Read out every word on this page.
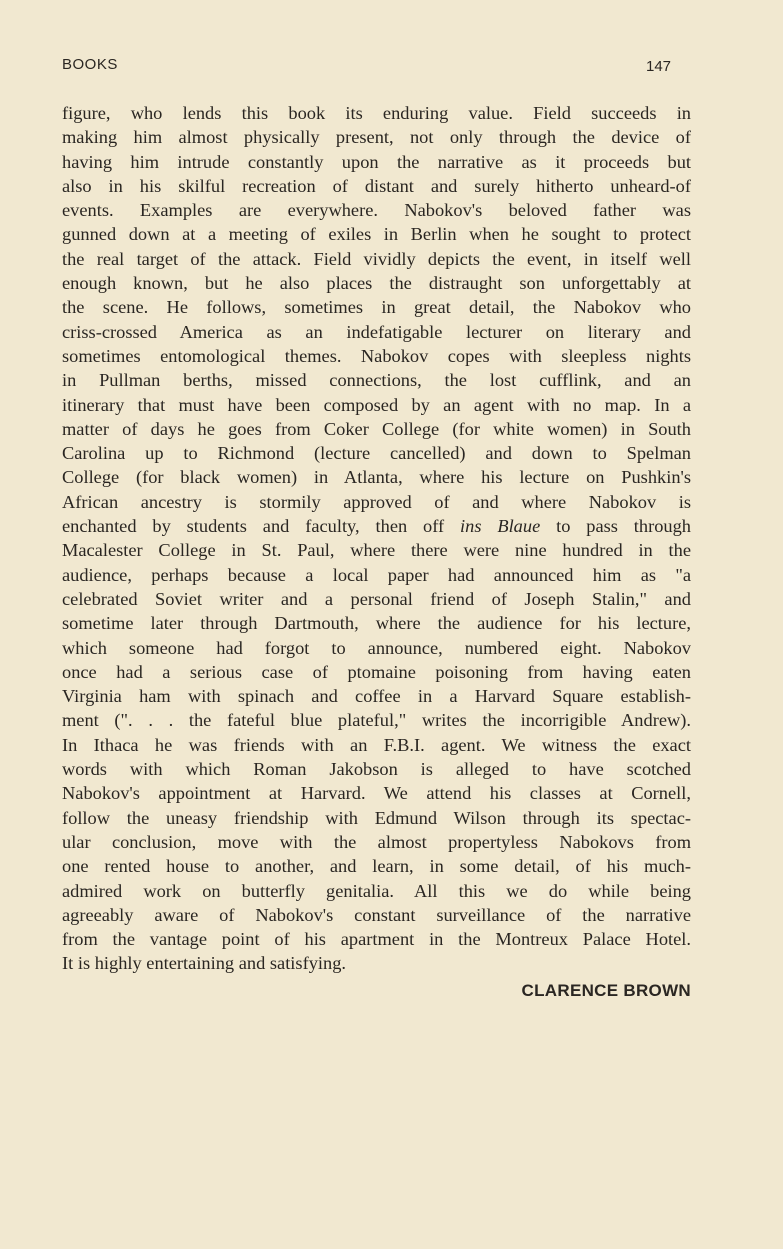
BOOKS	147
figure, who lends this book its enduring value. Field succeeds in
making him almost physically present, not only through the device of
having him intrude constantly upon the narrative as it proceeds but
also in his skilful recreation of distant and surely hitherto unheard-of
events. Examples are everywhere. Nabokov's beloved father was
gunned down at a meeting of exiles in Berlin when he sought to protect
the real target of the attack. Field vividly depicts the event, in itself well
enough known, but he also places the distraught son unforgettably at
the scene. He follows, sometimes in great detail, the Nabokov who
criss-crossed America as an indefatigable lecturer on literary and
sometimes entomological themes. Nabokov copes with sleepless nights
in Pullman berths, missed connections, the lost cufflink, and an
itinerary that must have been composed by an agent with no map. In a
matter of days he goes from Coker College (for white women) in South
Carolina up to Richmond (lecture cancelled) and down to Spelman
College (for black women) in Atlanta, where his lecture on Pushkin's
African ancestry is stormily approved of and where Nabokov is
enchanted by students and faculty, then off ins Blaue to pass through
Macalester College in St. Paul, where there were nine hundred in the
audience, perhaps because a local paper had announced him as "a
celebrated Soviet writer and a personal friend of Joseph Stalin," and
sometime later through Dartmouth, where the audience for his lecture,
which someone had forgot to announce, numbered eight. Nabokov
once had a serious case of ptomaine poisoning from having eaten
Virginia ham with spinach and coffee in a Harvard Square establish-
ment (". . . the fateful blue plateful," writes the incorrigible Andrew).
In Ithaca he was friends with an F.B.I. agent. We witness the exact
words with which Roman Jakobson is alleged to have scotched
Nabokov's appointment at Harvard. We attend his classes at Cornell,
follow the uneasy friendship with Edmund Wilson through its spectac-
ular conclusion, move with the almost propertyless Nabokovs from
one rented house to another, and learn, in some detail, of his much-
admired work on butterfly genitalia. All this we do while being
agreeably aware of Nabokov's constant surveillance of the narrative
from the vantage point of his apartment in the Montreux Palace Hotel.
It is highly entertaining and satisfying.
CLARENCE BROWN
